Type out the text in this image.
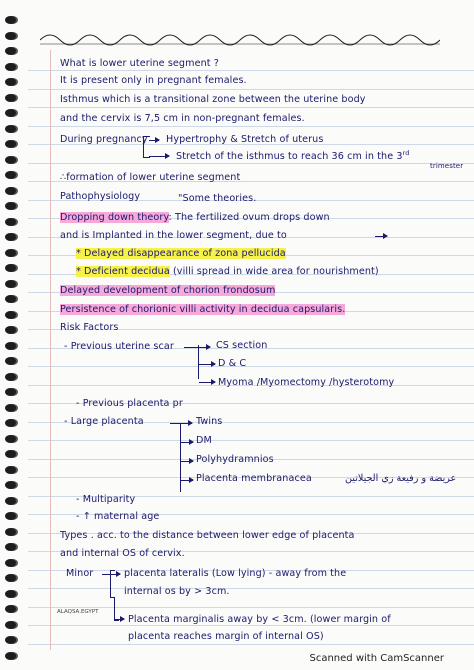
What is lower uterine segment ?
It is present only in pregnant females.
Isthmus which is a transitional zone between the uterine body
and the cervix is 7,5 cm in non-pregnant females.
During pregnancy Hypertrophy & Stretch of uterus
Stretch of the isthmus to reach 36 cm in the 3rd
trimester
∴formation of lower uterine segment
Pathophysiology	"Some theories.
Dropping down theory: The fertilized ovum drops down
and is Implanted in the lower segment, due to
* Delayed disappearance of zona pellucida
* Deficient decidua (villi spread in wide area for nourishment)
Delayed development of chorion frondosum
Persistence of chorionic villi activity in decidua capsularis.
Risk Factors
- Previous uterine scar	CS section
D & C
Myoma /Myomectomy /hysterotomy
- Previous placenta pr
- Large placenta	Twins
DM
Polyhydramnios
Placenta membranacea	عريضة و رفيعة زي الجيلاتين
- Multiparity
- ↑ maternal age
Types . acc. to the distance between lower edge of placenta
and internal OS of cervix.
Minor	placenta lateralis (Low lying) - away from the
internal os by > 3cm.
Placenta marginalis away by < 3cm. (lower margin of
placenta reaches margin of internal OS)
ALAQSA.EGYPT
Scanned with CamScanner
